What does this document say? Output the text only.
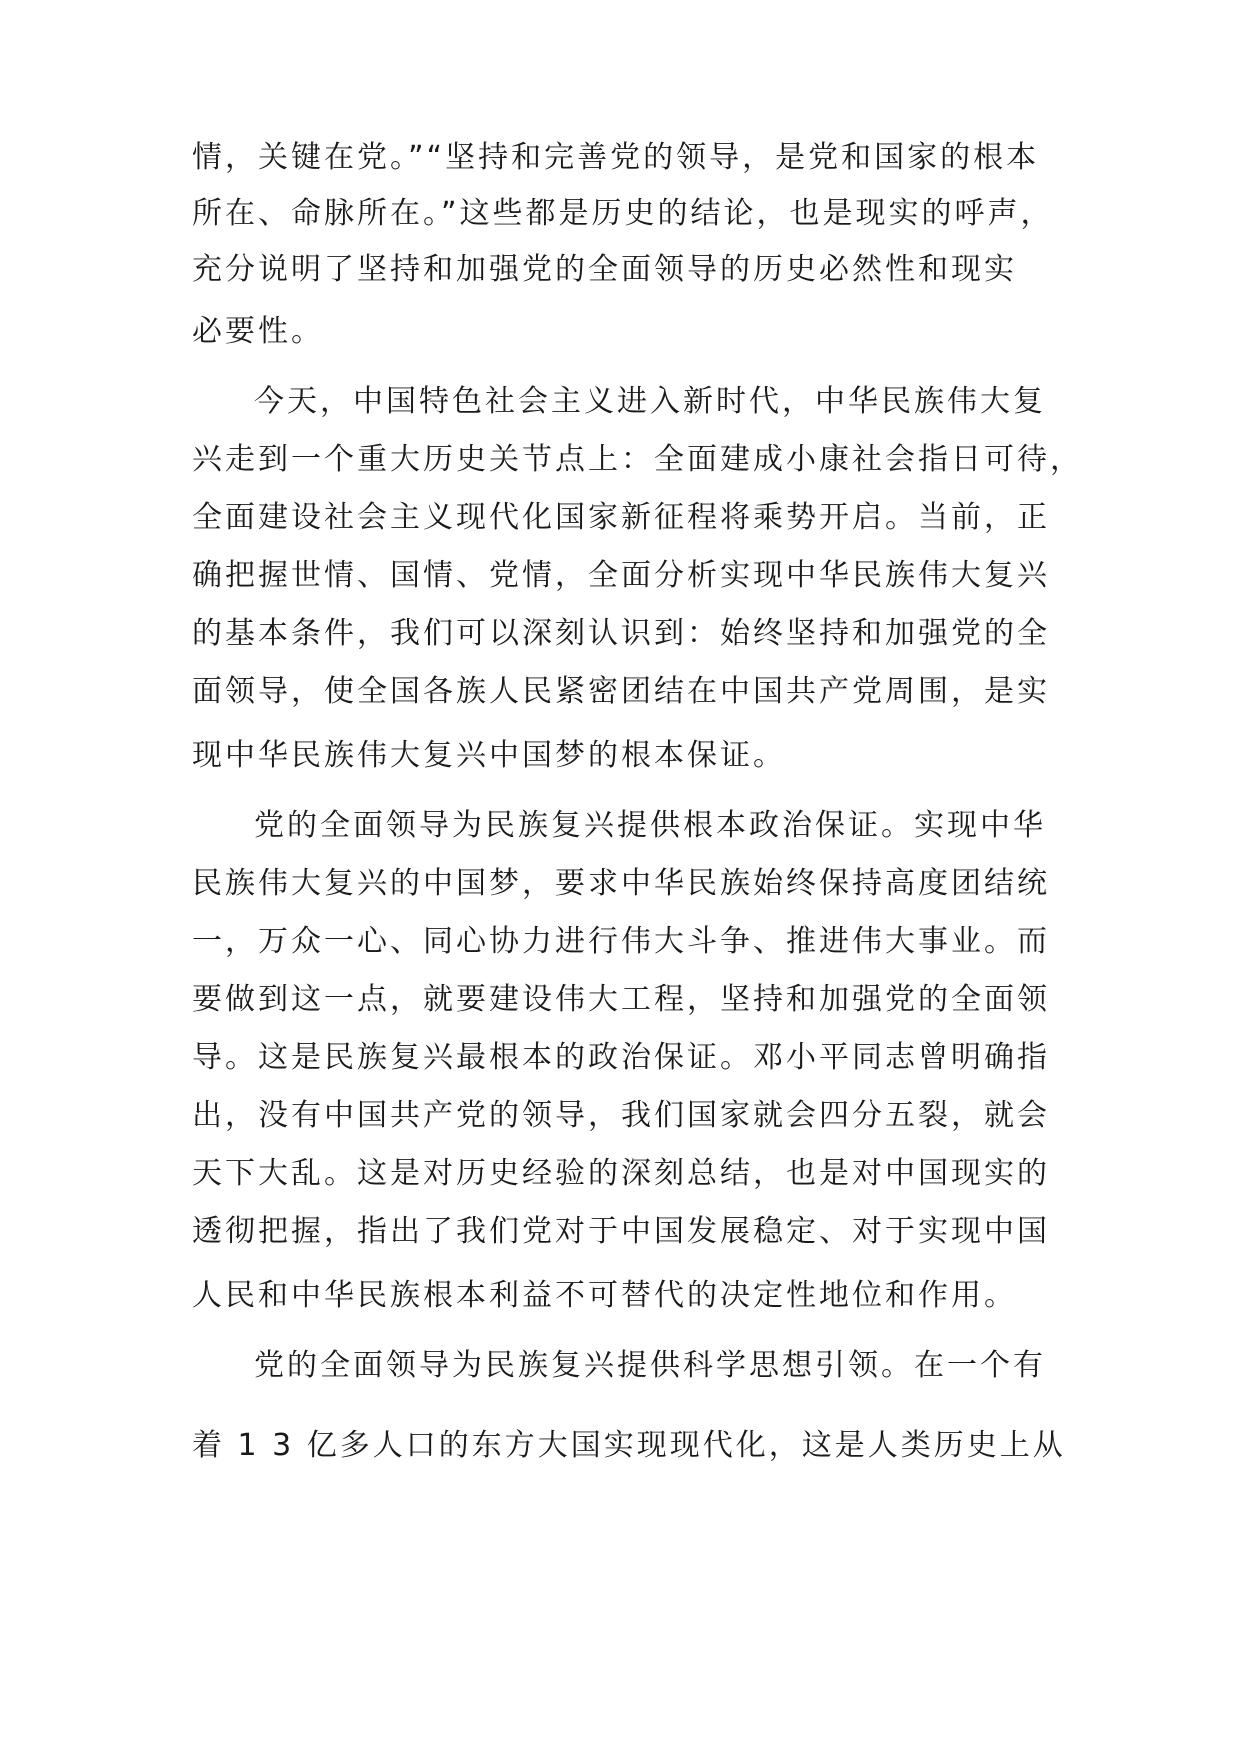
情，关键在党。”“坚持和完善党的领导，是党和国家的根本
所在、命脉所在。”这些都是历史的结论，也是现实的呼声，
充分说明了坚持和加强党的全面领导的历史必然性和现实
必要性。
今天，中国特色社会主义进入新时代，中华民族伟大复
兴走到一个重大历史关节点上：全面建成小康社会指日可待，
全面建设社会主义现代化国家新征程将乘势开启。当前，正
确把握世情、国情、党情，全面分析实现中华民族伟大复兴
的基本条件，我们可以深刻认识到：始终坚持和加强党的全
面领导，使全国各族人民紧密团结在中国共产党周围，是实
现中华民族伟大复兴中国梦的根本保证。
党的全面领导为民族复兴提供根本政治保证。实现中华
民族伟大复兴的中国梦，要求中华民族始终保持高度团结统
一，万众一心、同心协力进行伟大斗争、推进伟大事业。而
要做到这一点，就要建设伟大工程，坚持和加强党的全面领
导。这是民族复兴最根本的政治保证。邓小平同志曾明确指
出，没有中国共产党的领导，我们国家就会四分五裂，就会
天下大乱。这是对历史经验的深刻总结，也是对中国现实的
透彻把握，指出了我们党对于中国发展稳定、对于实现中国
人民和中华民族根本利益不可替代的决定性地位和作用。
党的全面领导为民族复兴提供科学思想引领。在一个有
着 1 3 亿多人口的东方大国实现现代化，这是人类历史上从
